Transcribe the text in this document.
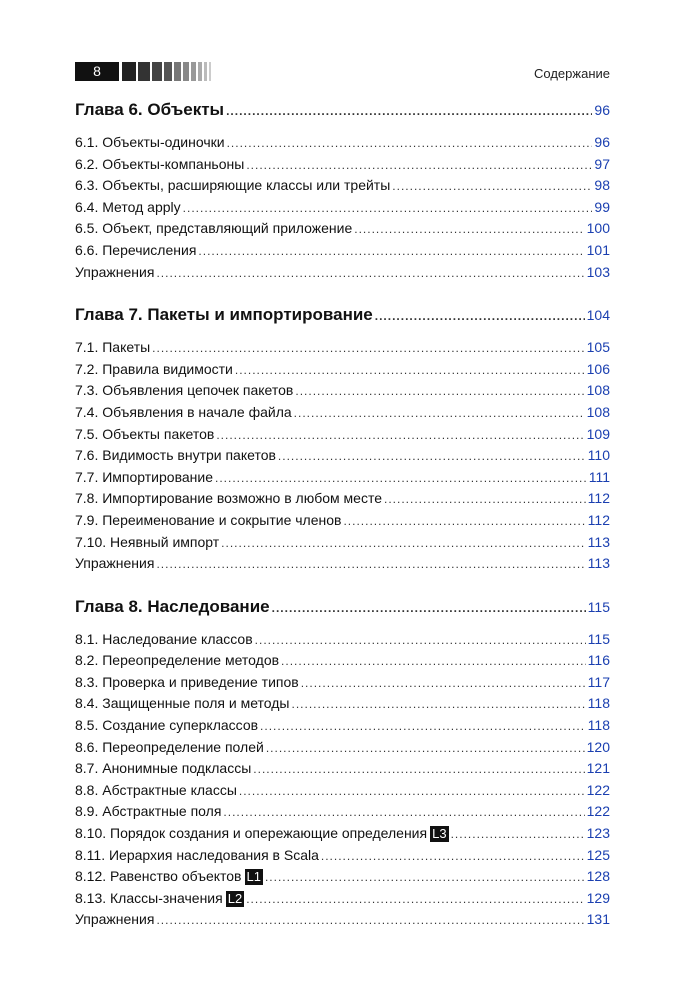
8	Содержание
Глава 6. Объекты .....	96
6.1. Объекты-одиночки .....	96
6.2. Объекты-компаньоны .....	97
6.3. Объекты, расширяющие классы или трейты .....	98
6.4. Метод apply .....	99
6.5. Объект, представляющий приложение .....	100
6.6. Перечисления .....	101
Упражнения .....	103
Глава 7. Пакеты и импортирование .....	104
7.1. Пакеты .....	105
7.2. Правила видимости .....	106
7.3. Объявления цепочек пакетов .....	108
7.4. Объявления в начале файла .....	108
7.5. Объекты пакетов .....	109
7.6. Видимость внутри пакетов .....	110
7.7. Импортирование .....	111
7.8. Импортирование возможно в любом месте .....	112
7.9. Переименование и сокрытие членов .....	112
7.10. Неявный импорт .....	113
Упражнения .....	113
Глава 8. Наследование .....	115
8.1. Наследование классов .....	115
8.2. Переопределение методов .....	116
8.3. Проверка и приведение типов .....	117
8.4. Защищенные поля и методы .....	118
8.5. Создание суперклассов .....	118
8.6. Переопределение полей .....	120
8.7. Анонимные подклассы .....	121
8.8. Абстрактные классы .....	122
8.9. Абстрактные поля .....	122
8.10. Порядок создания и опережающие определения L3 .....	123
8.11. Иерархия наследования в Scala .....	125
8.12. Равенство объектов L1 .....	128
8.13. Классы-значения L2 .....	129
Упражнения .....	131
